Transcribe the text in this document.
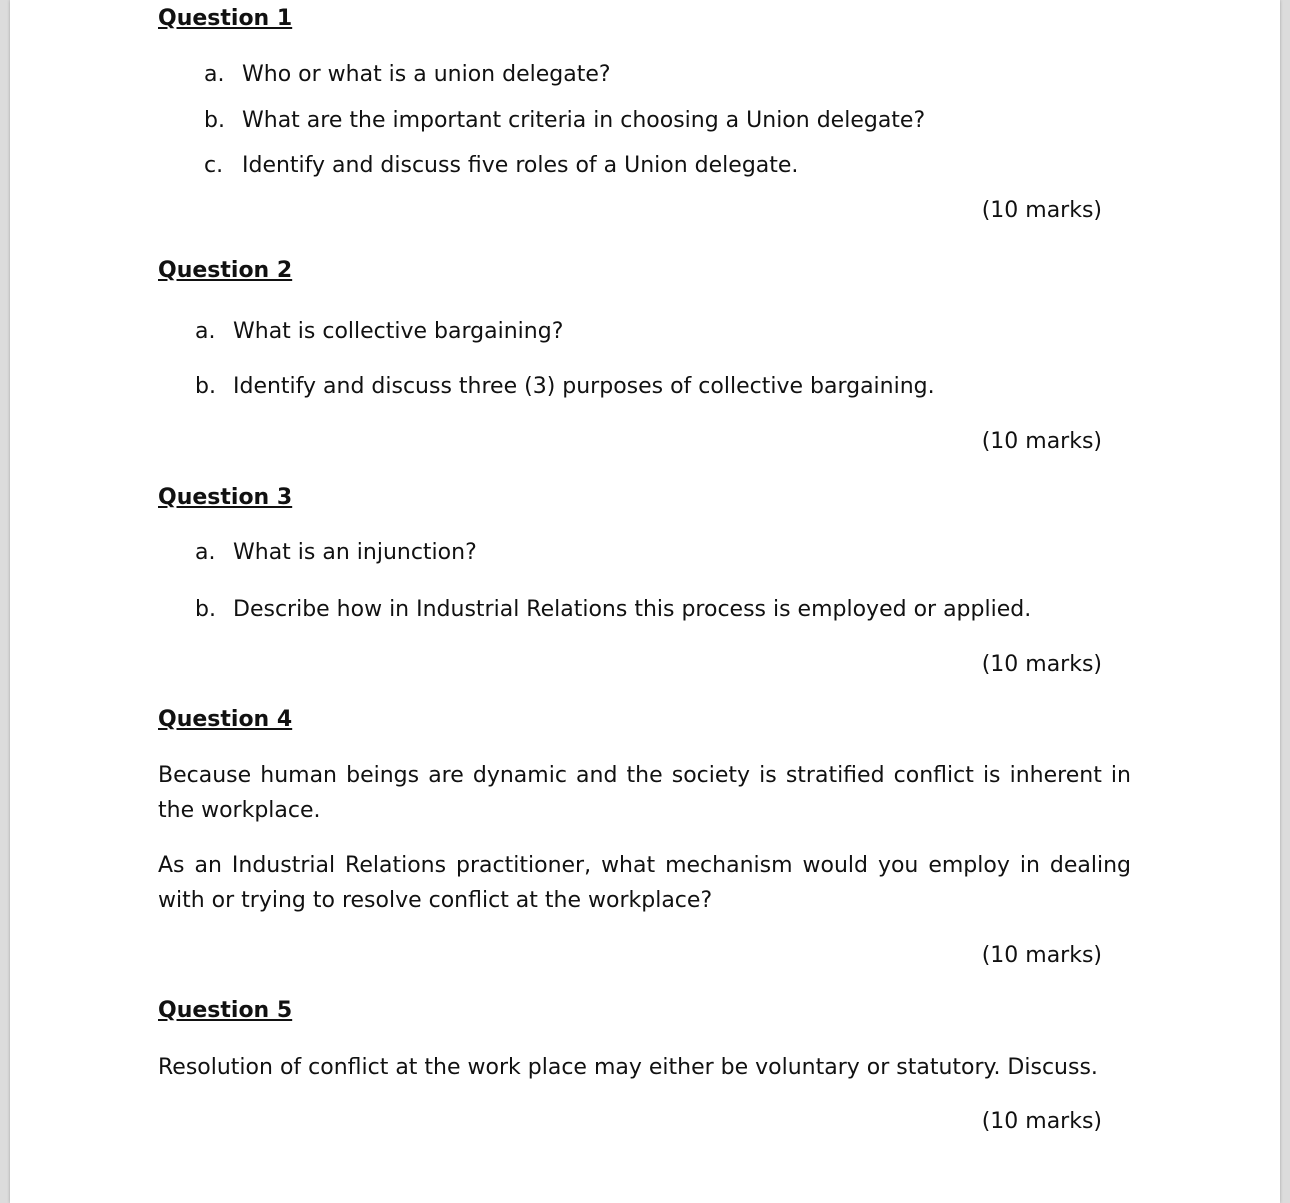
Question 1
a. Who or what is a union delegate?
b. What are the important criteria in choosing a Union delegate?
c. Identify and discuss five roles of a Union delegate.
(10 marks)
Question 2
a. What is collective bargaining?
b. Identify and discuss three (3) purposes of collective bargaining.
(10 marks)
Question 3
a. What is an injunction?
b. Describe how in Industrial Relations this process is employed or applied.
(10 marks)
Question 4
Because human beings are dynamic and the society is stratified conflict is inherent in the workplace.
As an Industrial Relations practitioner, what mechanism would you employ in dealing with or trying to resolve conflict at the workplace?
(10 marks)
Question 5
Resolution of conflict at the work place may either be voluntary or statutory. Discuss.
(10 marks)
